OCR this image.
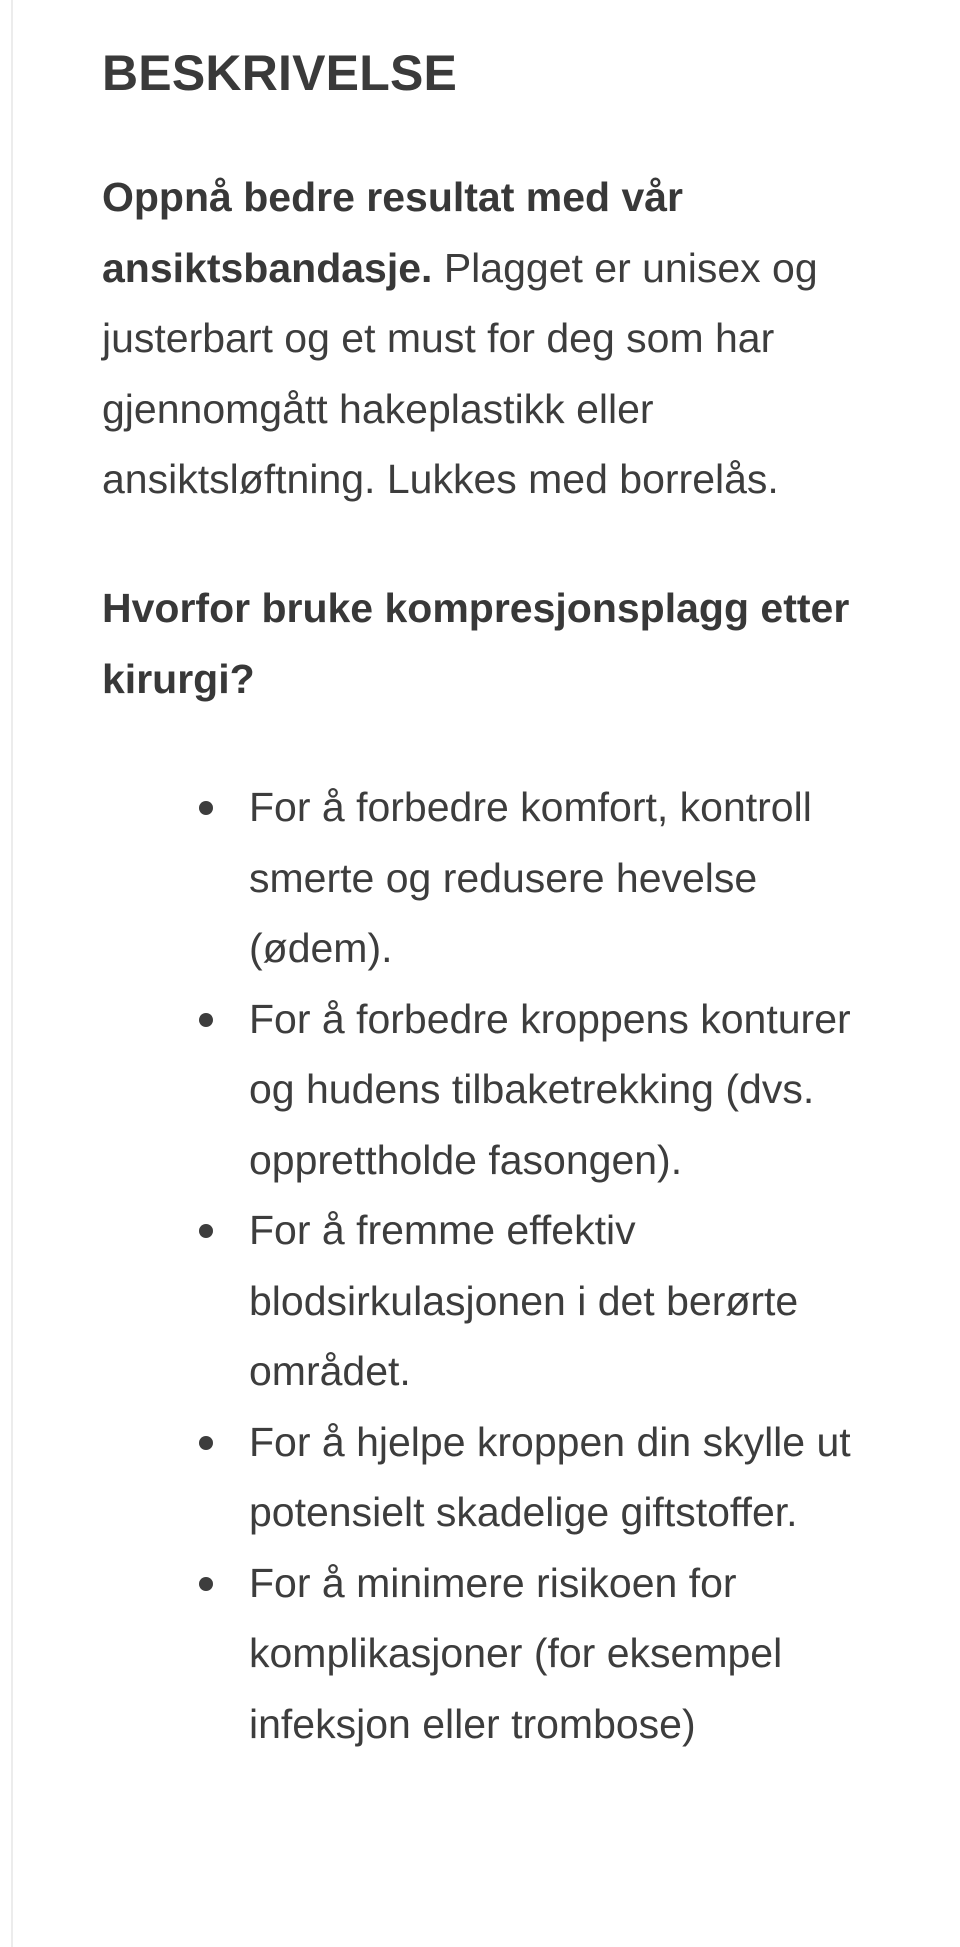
BESKRIVELSE

Oppnå bedre resultat med vår ansiktsbandasje. Plagget er unisex og justerbart og et must for deg som har gjennomgått hakeplastikk eller ansiktsløftning. Lukkes med borrelås.

Hvorfor bruke kompresjonsplagg etter kirurgi?
For å forbedre komfort, kontroll smerte og redusere hevelse (ødem).
For å forbedre kroppens konturer og hudens tilbaketrekking (dvs. opprettholde fasongen).
For å fremme effektiv blodsirkulasjonen i det berørte området.
For å hjelpe kroppen din skylle ut potensielt skadelige giftstoffer.
For å minimere risikoen for komplikasjoner (for eksempel infeksjon eller trombose)
